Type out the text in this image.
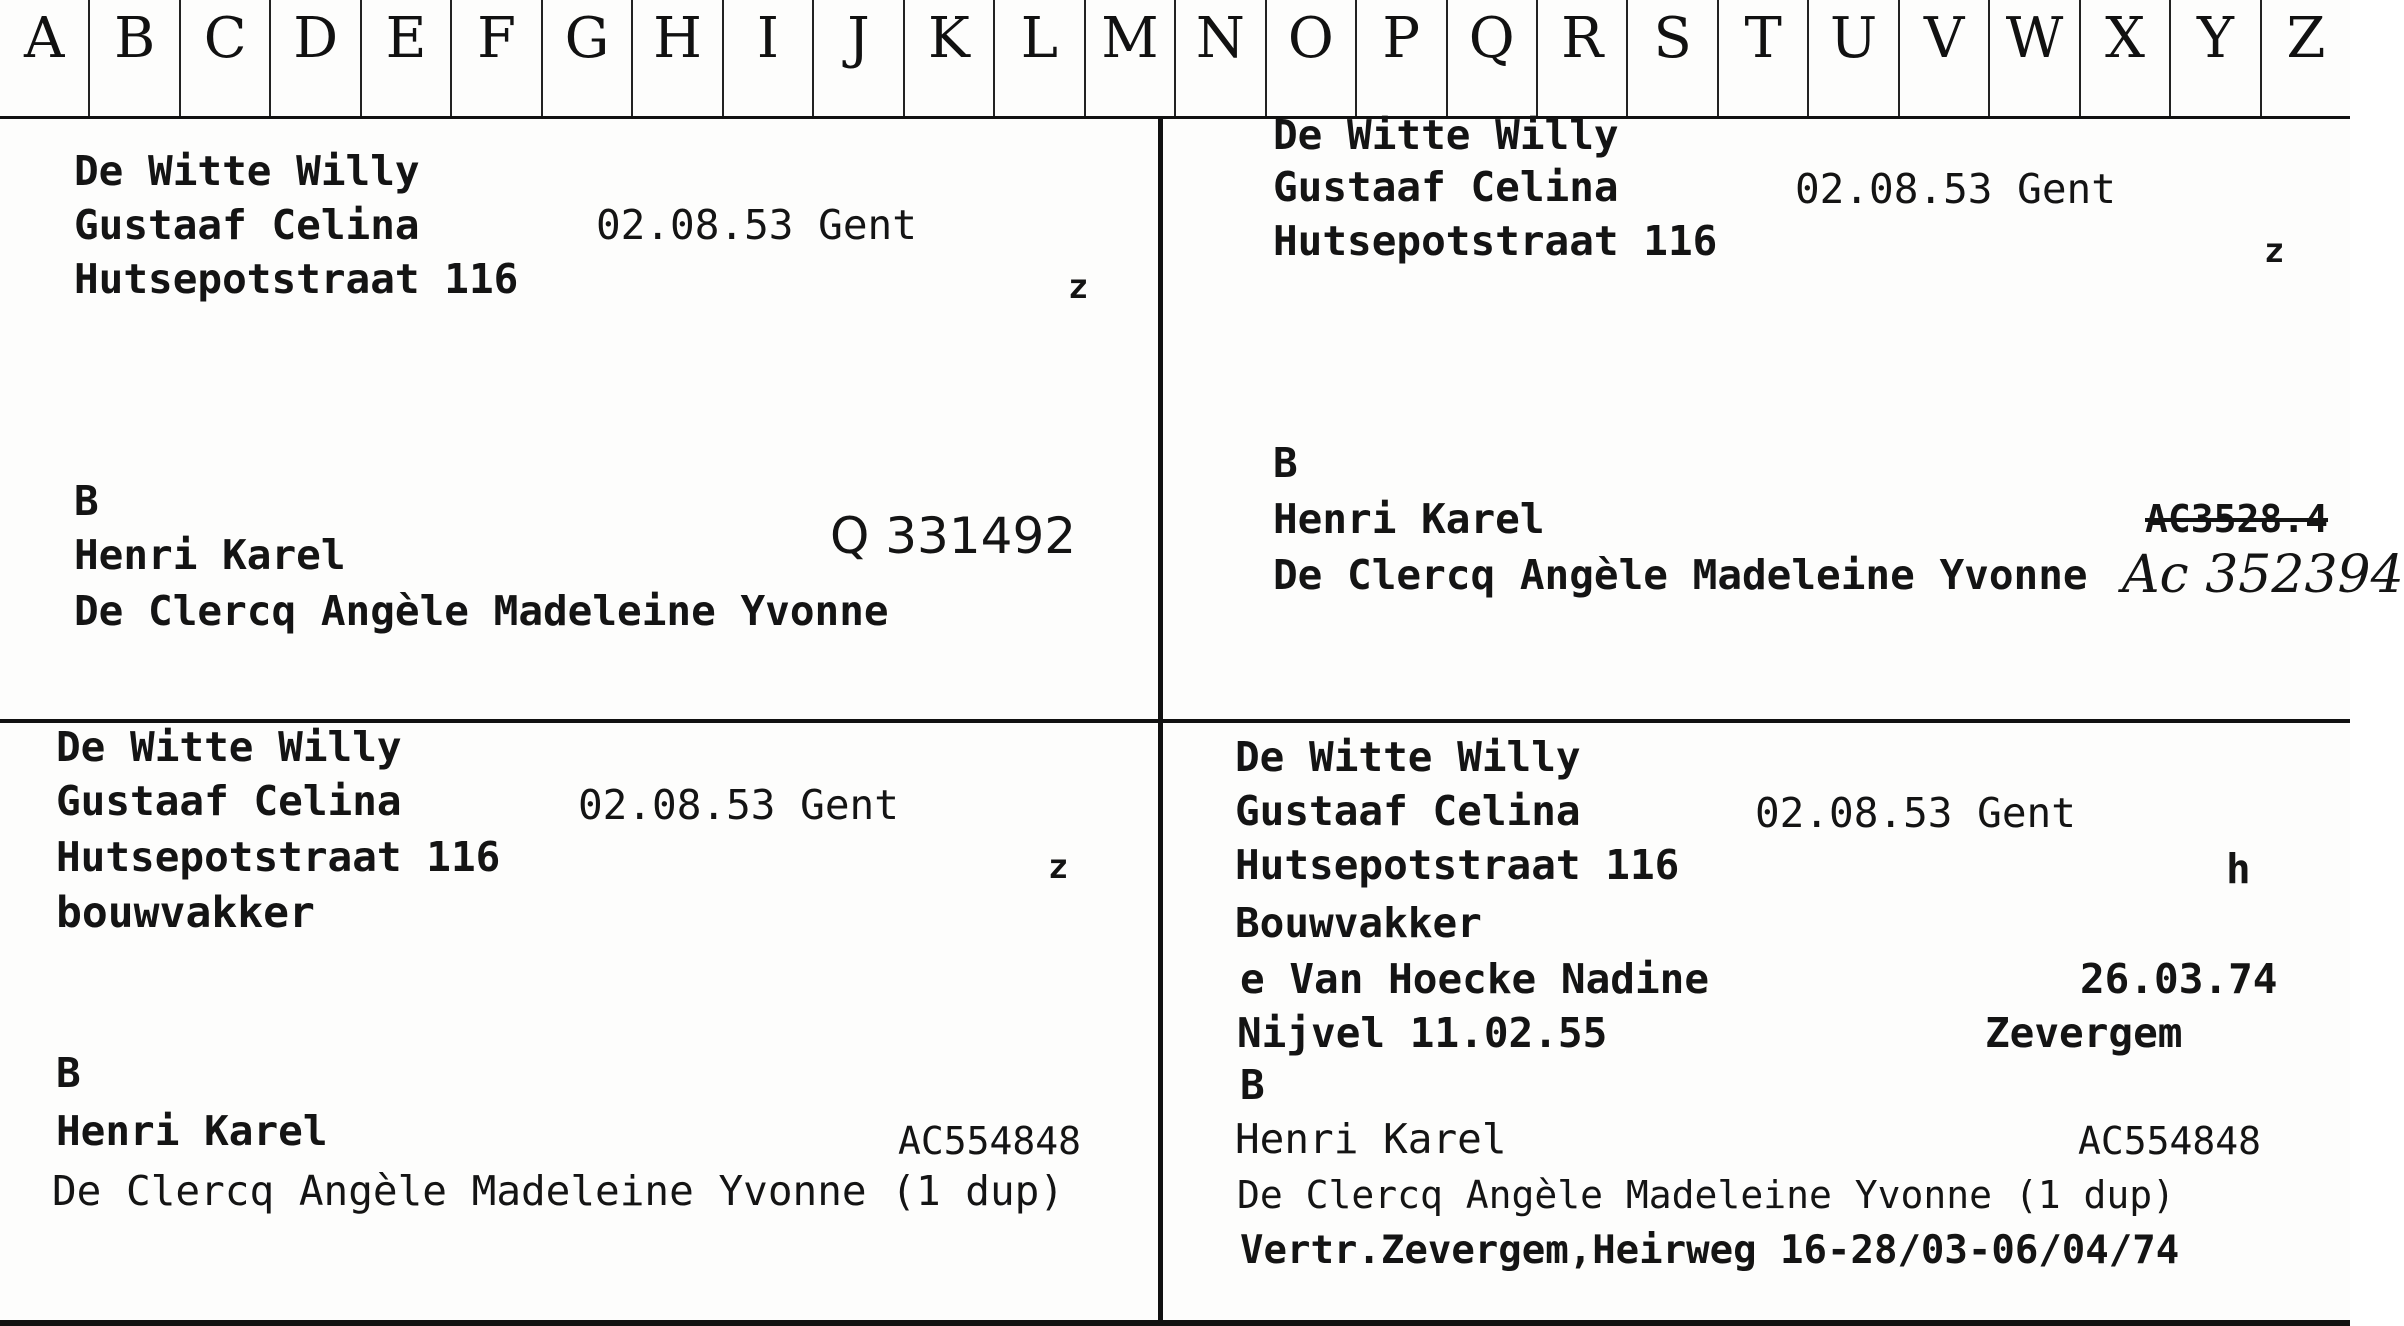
A B C D E F G H I	J	K L M N O P Q R S T U V W X Y Z
De Witte Willy
Gustaaf Celina	02.08.53 Gent
Hutsepotstraat 116	z
B
Henri Karel	Q 331492
De Clercq Angèle Madeleine Yvonne
De Witte Willy
Gustaaf Celina	02.08.53 Gent
Hutsepotstraat 116	z
B
Henri Karel	AC3528.4
De Clercq Angèle Madeleine Yvonne Ac 352394
De Witte Willy
Gustaaf Celina	02.08.53 Gent
Hutsepotstraat 116	z
bouwvakker
B
Henri Karel	AC554848
De Clercq Angèle Madeleine Yvonne (1 dup)
De Witte Willy
Gustaaf Celina	02.08.53 Gent
Hutsepotstraat 116	h
Bouwvakker
e Van Hoecke Nadine	26.03.74
Nijvel 11.02.55	Zevergem
B
Henri Karel	AC554848
De Clercq Angèle Madeleine Yvonne (1 dup)
Vertr.Zevergem,Heirweg 16-28/03-06/04/74
